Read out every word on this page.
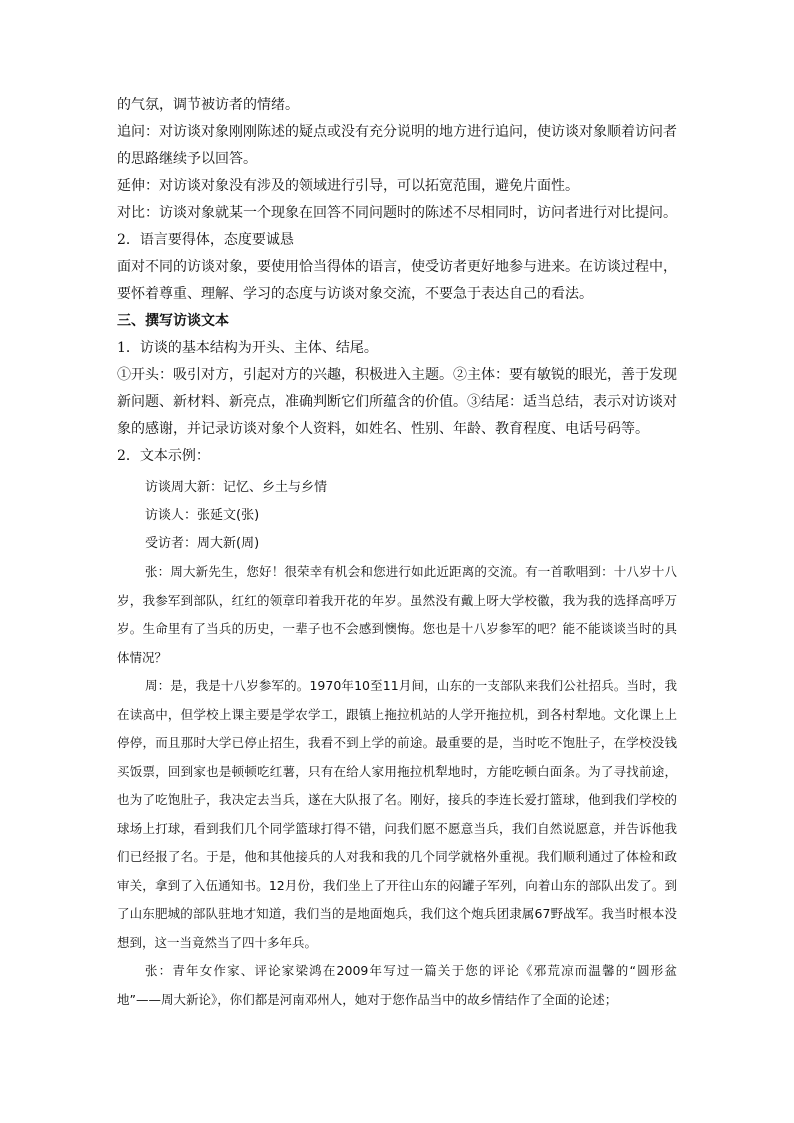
的气氛，调节被访者的情绪。

追问：对访谈对象刚刚陈述的疑点或没有充分说明的地方进行追问，使访谈对象顺着访问者的思路继续予以回答。

延伸：对访谈对象没有涉及的领域进行引导，可以拓宽范围，避免片面性。

对比：访谈对象就某一个现象在回答不同问题时的陈述不尽相同时，访问者进行对比提问。

2．语言要得体，态度要诚恳

面对不同的访谈对象，要使用恰当得体的语言，使受访者更好地参与进来。在访谈过程中，要怀着尊重、理解、学习的态度与访谈对象交流，不要急于表达自己的看法。

三、撰写访谈文本

1．访谈的基本结构为开头、主体、结尾。

①开头：吸引对方，引起对方的兴趣，积极进入主题。②主体：要有敏锐的眼光，善于发现新问题、新材料、新亮点，准确判断它们所蕴含的价值。③结尾：适当总结，表示对访谈对象的感谢，并记录访谈对象个人资料，如姓名、性别、年龄、教育程度、电话号码等。

2．文本示例：

访谈周大新：记忆、乡土与乡情

访谈人：张延文(张)

受访者：周大新(周)

张：周大新先生，您好！很荣幸有机会和您进行如此近距离的交流。有一首歌唱到：十八岁十八岁，我参军到部队，红红的领章印着我开花的年岁。虽然没有戴上呀大学校徽，我为我的选择高呼万岁。生命里有了当兵的历史，一辈子也不会感到懊悔。您也是十八岁参军的吧？能不能谈谈当时的具体情况？

周：是，我是十八岁参军的。1970年10至11月间，山东的一支部队来我们公社招兵。当时，我在读高中，但学校上课主要是学农学工，跟镇上拖拉机站的人学开拖拉机，到各村犁地。文化课上上停停，而且那时大学已停止招生，我看不到上学的前途。最重要的是，当时吃不饱肚子，在学校没钱买饭票，回到家也是顿顿吃红薯，只有在给人家用拖拉机犁地时，方能吃顿白面条。为了寻找前途，也为了吃饱肚子，我决定去当兵，遂在大队报了名。刚好，接兵的李连长爱打篮球，他到我们学校的球场上打球，看到我们几个同学篮球打得不错，问我们愿不愿意当兵，我们自然说愿意，并告诉他我们已经报了名。于是，他和其他接兵的人对我和我的几个同学就格外重视。我们顺利通过了体检和政审关，拿到了入伍通知书。12月份，我们坐上了开往山东的闷罐子军列，向着山东的部队出发了。到了山东肥城的部队驻地才知道，我们当的是地面炮兵，我们这个炮兵团隶属67野战军。我当时根本没想到，这一当竟然当了四十多年兵。

张：青年女作家、评论家梁鸿在2009年写过一篇关于您的评论《邪荒凉而温馨的“圆形盆地”——周大新论》，你们都是河南邓州人，她对于您作品当中的故乡情结作了全面的论述；
